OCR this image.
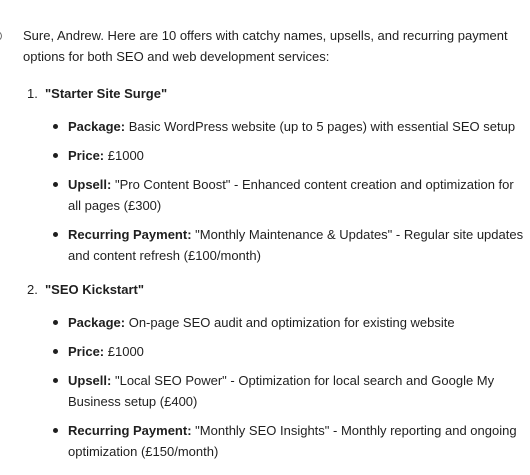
Sure, Andrew. Here are 10 offers with catchy names, upsells, and recurring payment options for both SEO and web development services:

1. "Starter Site Surge"
Package: Basic WordPress website (up to 5 pages) with essential SEO setup
Price: £1000
Upsell: "Pro Content Boost" - Enhanced content creation and optimization for all pages (£300)
Recurring Payment: "Monthly Maintenance & Updates" - Regular site updates and content refresh (£100/month)
2. "SEO Kickstart"
Package: On-page SEO audit and optimization for existing website
Price: £1000
Upsell: "Local SEO Power" - Optimization for local search and Google My Business setup (£400)
Recurring Payment: "Monthly SEO Insights" - Monthly reporting and ongoing optimization (£150/month)
